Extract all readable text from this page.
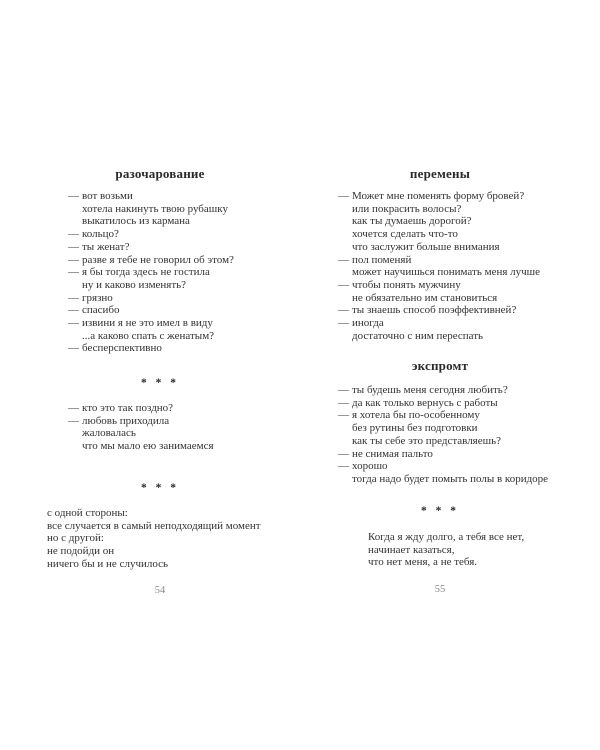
разочарование
— вот возьми
хотела накинуть твою рубашку
выкатилось из кармана
— кольцо?
— ты женат?
— разве я тебе не говорил об этом?
— я бы тогда здесь не гостила
ну и каково изменять?
— грязно
— спасибо
— извини я не это имел в виду
...а каково спать с женатым?
— бесперспективно
* * *
— кто это так поздно?
— любовь приходила
жаловалась
что мы мало ею занимаемся
* * *
с одной стороны:
все случается в самый неподходящий момент
но с другой:
не подойди он
ничего бы и не случилось
54
перемены
— Может мне поменять форму бровей?
или покрасить волосы?
как ты думаешь дорогой?
хочется сделать что-то
что заслужит больше внимания
— пол поменяй
может научишься понимать меня лучше
— чтобы понять мужчину
не обязательно им становиться
— ты знаешь способ поэффективней?
— иногда
достаточно с ним переспать
экспромт
— ты будешь меня сегодня любить?
— да как только вернусь с работы
— я хотела бы по-особенному
без рутины без подготовки
как ты себе это представляешь?
— не снимая пальто
— хорошо
тогда надо будет помыть полы в коридоре
* * *
Когда я жду долго, а тебя все нет,
начинает казаться,
что нет меня, а не тебя.
55
